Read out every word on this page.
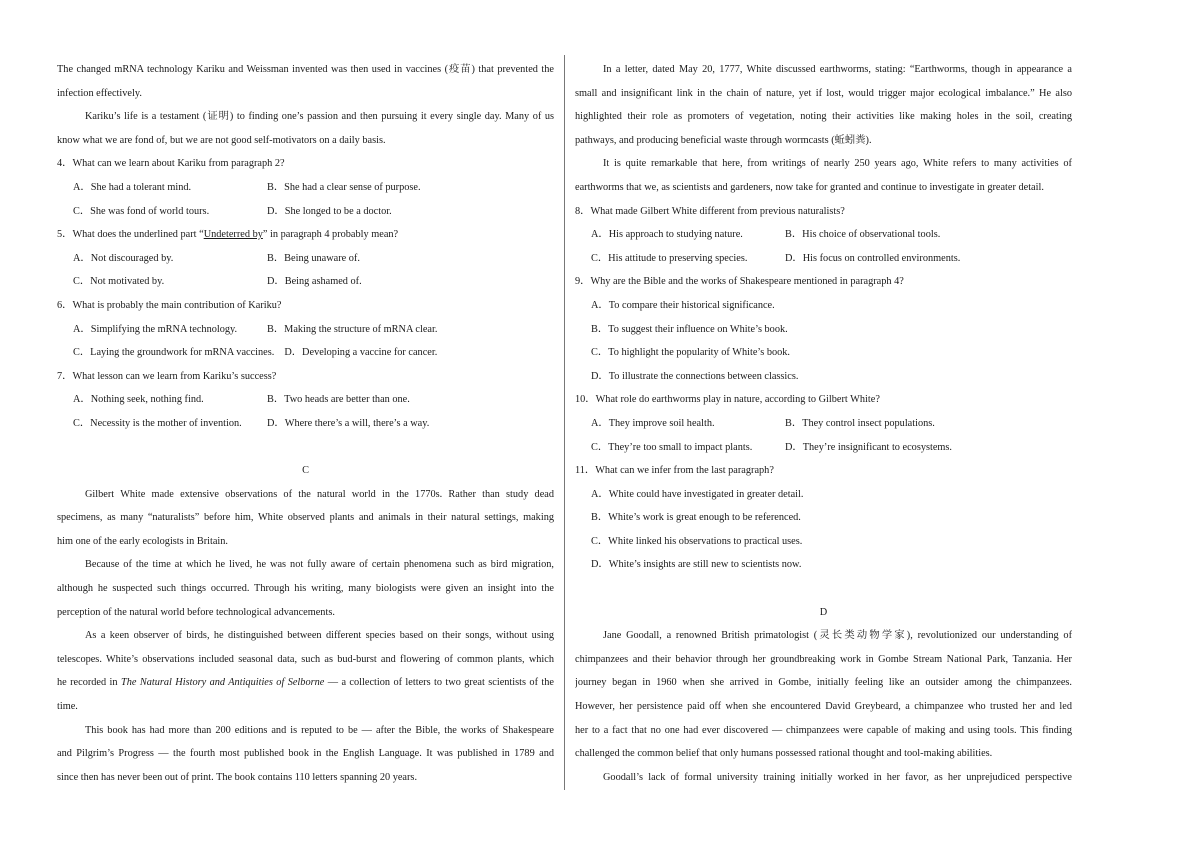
The changed mRNA technology Kariku and Weissman invented was then used in vaccines (疫苗) that prevented the
infection effectively.
Kariku’s life is a testament (证明) to finding one’s passion and then pursuing it every single day. Many of us
know what we are fond of, but we are not good self-motivators on a daily basis.
4．What can we learn about Kariku from paragraph 2?
A．She had a tolerant mind.	B．She had a clear sense of purpose.
C．She was fond of world tours.	D．She longed to be a doctor.
5．What does the underlined part “Undeterred by” in paragraph 4 probably mean?
A．Not discouraged by.	B．Being unaware of.
C．Not motivated by.	D．Being ashamed of.
6．What is probably the main contribution of Kariku?
A．Simplifying the mRNA technology.	B．Making the structure of mRNA clear.
C．Laying the groundwork for mRNA vaccines. D．Developing a vaccine for cancer.
7．What lesson can we learn from Kariku’s success?
A．Nothing seek, nothing find.	B．Two heads are better than one.
C．Necessity is the mother of invention.	D．Where there’s a will, there’s a way.
C
Gilbert White made extensive observations of the natural world in the 1770s. Rather than study dead
specimens, as many “naturalists” before him, White observed plants and animals in their natural settings, making
him one of the early ecologists in Britain.
Because of the time at which he lived, he was not fully aware of certain phenomena such as bird migration,
although he suspected such things occurred. Through his writing, many biologists were given an insight into the
perception of the natural world before technological advancements.
As a keen observer of birds, he distinguished between different species based on their songs, without using
telescopes. White’s observations included seasonal data, such as bud-burst and flowering of common plants, which
he recorded in The Natural History and Antiquities of Selborne — a collection of letters to two great scientists of the
time.
This book has had more than 200 editions and is reputed to be — after the Bible, the works of Shakespeare
and Pilgrim’s Progress — the fourth most published book in the English Language. It was published in 1789 and
since then has never been out of print. The book contains 110 letters spanning 20 years.
In a letter, dated May 20, 1777, White discussed earthworms, stating: “Earthworms, though in appearance a
small and insignificant link in the chain of nature, yet if lost, would trigger major ecological imbalance.” He also
highlighted their role as promoters of vegetation, noting their activities like making holes in the soil, creating
pathways, and producing beneficial waste through wormcasts (蚯蚓粪).
It is quite remarkable that here, from writings of nearly 250 years ago, White refers to many activities of
earthworms that we, as scientists and gardeners, now take for granted and continue to investigate in greater detail.
8．What made Gilbert White different from previous naturalists?
A．His approach to studying nature.	B．His choice of observational tools.
C．His attitude to preserving species.	D．His focus on controlled environments.
9．Why are the Bible and the works of Shakespeare mentioned in paragraph 4?
A．To compare their historical significance.
B．To suggest their influence on White’s book.
C．To highlight the popularity of White’s book.
D．To illustrate the connections between classics.
10．What role do earthworms play in nature, according to Gilbert White?
A．They improve soil health.	B．They control insect populations.
C．They’re too small to impact plants.	D．They’re insignificant to ecosystems.
11．What can we infer from the last paragraph?
A．White could have investigated in greater detail.
B．White’s work is great enough to be referenced.
C．White linked his observations to practical uses.
D．White’s insights are still new to scientists now.
D
Jane Goodall, a renowned British primatologist (灵长类动物学家), revolutionized our understanding of
chimpanzees and their behavior through her groundbreaking work in Gombe Stream National Park, Tanzania. Her
journey began in 1960 when she arrived in Gombe, initially feeling like an outsider among the chimpanzees.
However, her persistence paid off when she encountered David Greybeard, a chimpanzee who trusted her and led
her to a fact that no one had ever discovered — chimpanzees were capable of making and using tools. This finding
challenged the common belief that only humans possessed rational thought and tool-making abilities.
Goodall’s lack of formal university training initially worked in her favor, as her unprejudiced perspective
